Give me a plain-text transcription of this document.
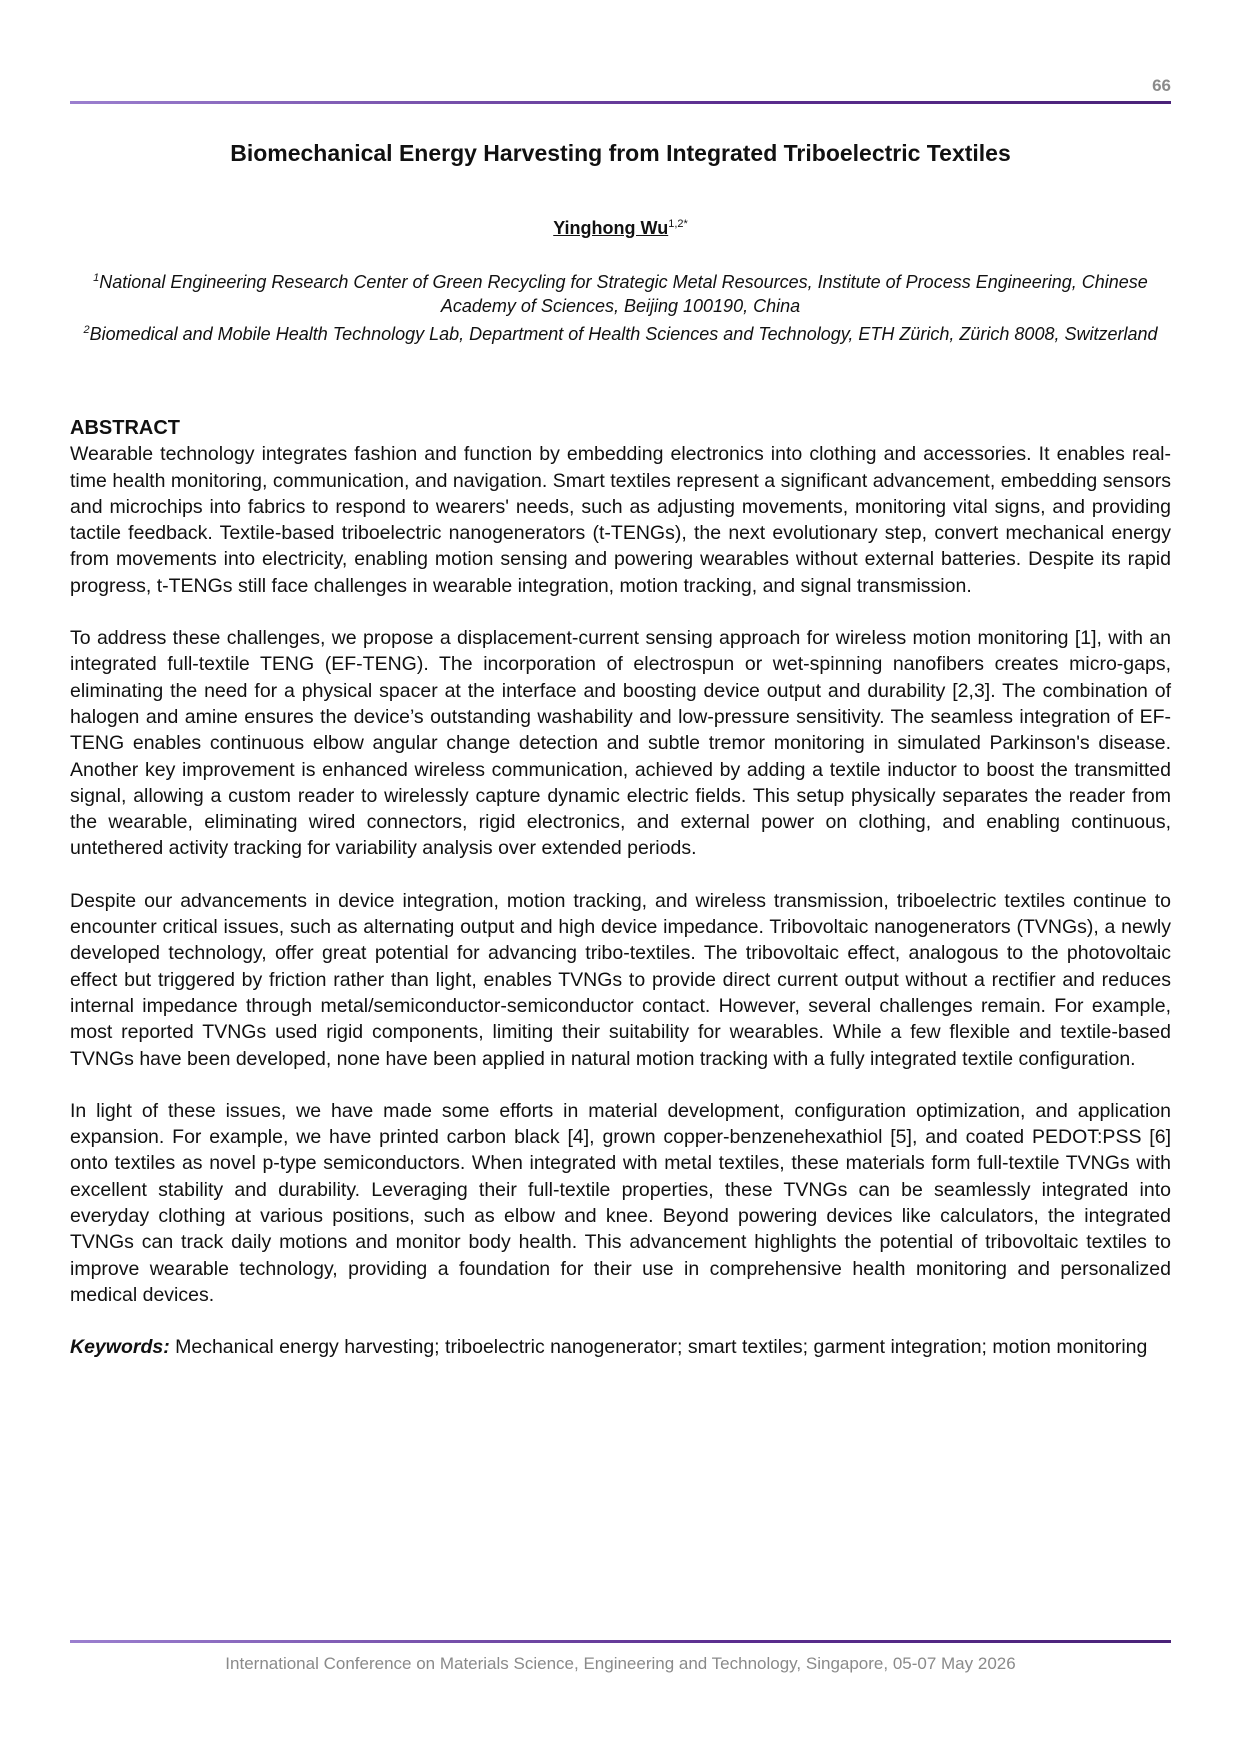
66
Biomechanical Energy Harvesting from Integrated Triboelectric Textiles
Yinghong $Wu^{1,2*}$
$^1$National Engineering Research Center of Green Recycling for Strategic Metal Resources, Institute of Process Engineering, Chinese Academy of Sciences, Beijing 100190, China
$^2$Biomedical and Mobile Health Technology Lab, Department of Health Sciences and Technology, ETH Zürich, Zürich 8008, Switzerland
ABSTRACT

Wearable technology integrates fashion and function by embedding electronics into clothing and accessories. It enables real-time health monitoring, communication, and navigation. Smart textiles represent a significant advancement, embedding sensors and microchips into fabrics to respond to wearers' needs, such as adjusting movements, monitoring vital signs, and providing tactile feedback. Textile-based triboelectric nanogenerators (t-TENGs), the next evolutionary step, convert mechanical energy from movements into electricity, enabling motion sensing and powering wearables without external batteries. Despite its rapid progress, t-TENGs still face challenges in wearable integration, motion tracking, and signal transmission.

To address these challenges, we propose a displacement-current sensing approach for wireless motion monitoring [1], with an integrated full-textile TENG (EF-TENG). The incorporation of electrospun or wet-spinning nanofibers creates micro-gaps, eliminating the need for a physical spacer at the interface and boosting device output and durability [2,3]. The combination of halogen and amine ensures the device’s outstanding washability and low-pressure sensitivity. The seamless integration of EF-TENG enables continuous elbow angular change detection and subtle tremor monitoring in simulated Parkinson's disease. Another key improvement is enhanced wireless communication, achieved by adding a textile inductor to boost the transmitted signal, allowing a custom reader to wirelessly capture dynamic electric fields. This setup physically separates the reader from the wearable, eliminating wired connectors, rigid electronics, and external power on clothing, and enabling continuous, untethered activity tracking for variability analysis over extended periods.

Despite our advancements in device integration, motion tracking, and wireless transmission, triboelectric textiles continue to encounter critical issues, such as alternating output and high device impedance. Tribovoltaic nanogenerators (TVNGs), a newly developed technology, offer great potential for advancing tribo-textiles. The tribovoltaic effect, analogous to the photovoltaic effect but triggered by friction rather than light, enables TVNGs to provide direct current output without a rectifier and reduces internal impedance through metal/semiconductor-semiconductor contact. However, several challenges remain. For example, most reported TVNGs used rigid components, limiting their suitability for wearables. While a few flexible and textile-based TVNGs have been developed, none have been applied in natural motion tracking with a fully integrated textile configuration.

In light of these issues, we have made some efforts in material development, configuration optimization, and application expansion. For example, we have printed carbon black [4], grown copper-benzenehexathiol [5], and coated PEDOT:PSS [6] onto textiles as novel p-type semiconductors. When integrated with metal textiles, these materials form full-textile TVNGs with excellent stability and durability. Leveraging their full-textile properties, these TVNGs can be seamlessly integrated into everyday clothing at various positions, such as elbow and knee. Beyond powering devices like calculators, the integrated TVNGs can track daily motions and monitor body health. This advancement highlights the potential of tribovoltaic textiles to improve wearable technology, providing a foundation for their use in comprehensive health monitoring and personalized medical devices.

Keywords: Mechanical energy harvesting; triboelectric nanogenerator; smart textiles; garment integration; motion monitoring

International Conference on Materials Science, Engineering and Technology, Singapore, 05-07 May 2026
